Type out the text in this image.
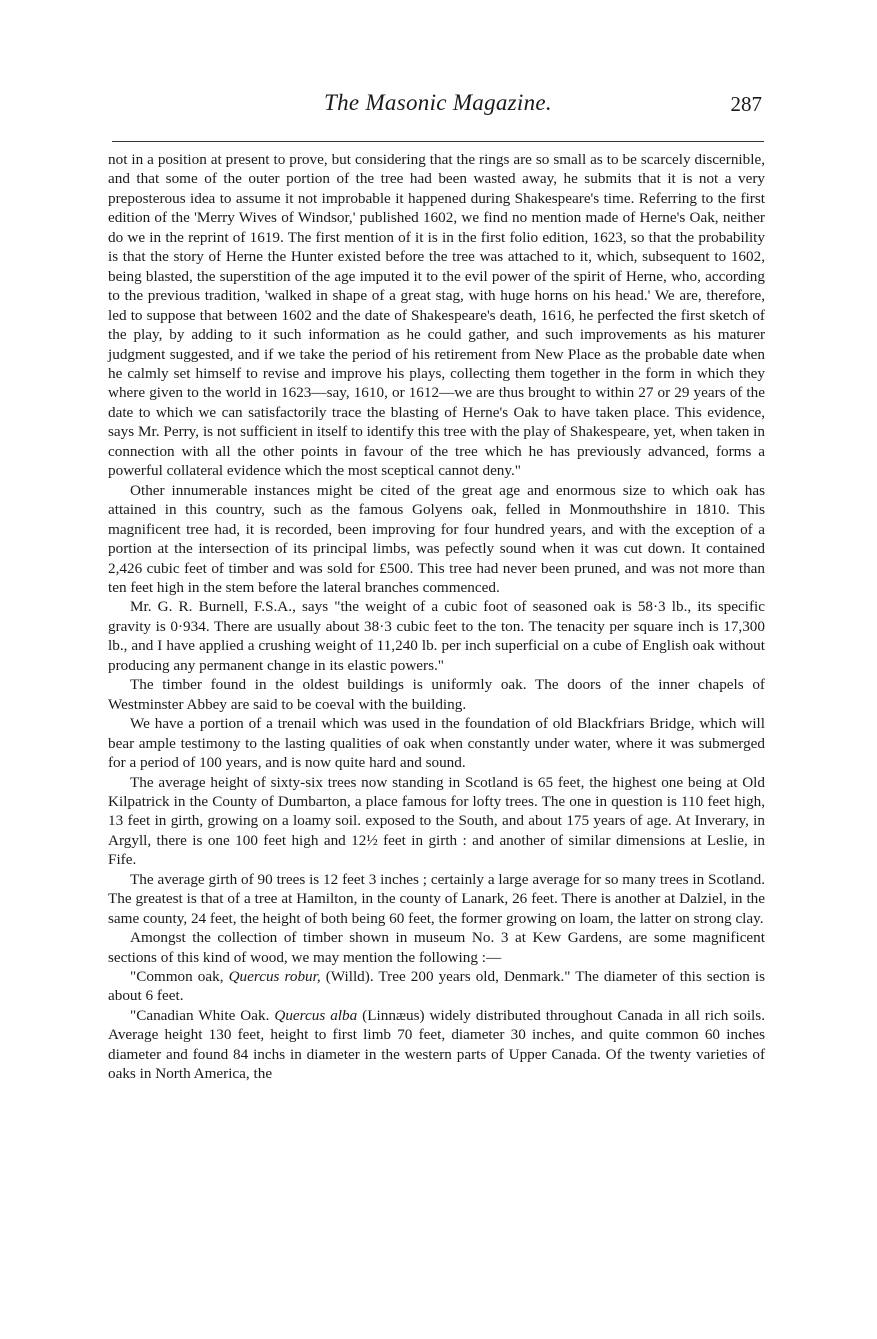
The Masonic Magazine.	287

not in a position at present to prove, but considering that the rings are so small as to be scarcely discernible, and that some of the outer portion of the tree had been wasted away, he submits that it is not a very preposterous idea to assume it not improbable it happened during Shakespeare's time. Referring to the first edition of the 'Merry Wives of Windsor,' published 1602, we find no mention made of Herne's Oak, neither do we in the reprint of 1619. The first mention of it is in the first folio edition, 1623, so that the probability is that the story of Herne the Hunter existed before the tree was attached to it, which, subsequent to 1602, being blasted, the superstition of the age imputed it to the evil power of the spirit of Herne, who, according to the previous tradition, 'walked in shape of a great stag, with huge horns on his head.' We are, therefore, led to suppose that between 1602 and the date of Shakespeare's death, 1616, he perfected the first sketch of the play, by adding to it such information as he could gather, and such improvements as his maturer judgment suggested, and if we take the period of his retirement from New Place as the probable date when he calmly set himself to revise and improve his plays, collecting them together in the form in which they where given to the world in 1623—say, 1610, or 1612—we are thus brought to within 27 or 29 years of the date to which we can satisfactorily trace the blasting of Herne's Oak to have taken place. This evidence, says Mr. Perry, is not sufficient in itself to identify this tree with the play of Shakespeare, yet, when taken in connection with all the other points in favour of the tree which he has previously advanced, forms a powerful collateral evidence which the most sceptical cannot deny."

Other innumerable instances might be cited of the great age and enormous size to which oak has attained in this country, such as the famous Golyens oak, felled in Monmouthshire in 1810. This magnificent tree had, it is recorded, been improving for four hundred years, and with the exception of a portion at the intersection of its principal limbs, was pefectly sound when it was cut down. It contained 2,426 cubic feet of timber and was sold for £500. This tree had never been pruned, and was not more than ten feet high in the stem before the lateral branches commenced.

Mr. G. R. Burnell, F.S.A., says "the weight of a cubic foot of seasoned oak is 58·3 lb., its specific gravity is 0·934. There are usually about 38·3 cubic feet to the ton. The tenacity per square inch is 17,300 lb., and I have applied a crushing weight of 11,240 lb. per inch superficial on a cube of English oak without producing any permanent change in its elastic powers."

The timber found in the oldest buildings is uniformly oak. The doors of the inner chapels of Westminster Abbey are said to be coeval with the building.

We have a portion of a trenail which was used in the foundation of old Blackfriars Bridge, which will bear ample testimony to the lasting qualities of oak when constantly under water, where it was submerged for a period of 100 years, and is now quite hard and sound.

The average height of sixty-six trees now standing in Scotland is 65 feet, the highest one being at Old Kilpatrick in the County of Dumbarton, a place famous for lofty trees. The one in question is 110 feet high, 13 feet in girth, growing on a loamy soil. exposed to the South, and about 175 years of age. At Inverary, in Argyll, there is one 100 feet high and 12½ feet in girth : and another of similar dimensions at Leslie, in Fife.

The average girth of 90 trees is 12 feet 3 inches ; certainly a large average for so many trees in Scotland. The greatest is that of a tree at Hamilton, in the county of Lanark, 26 feet. There is another at Dalziel, in the same county, 24 feet, the height of both being 60 feet, the former growing on loam, the latter on strong clay.

Amongst the collection of timber shown in museum No. 3 at Kew Gardens, are some magnificent sections of this kind of wood, we may mention the following :—

"Common oak, Quercus robur, (Willd). Tree 200 years old, Denmark." The diameter of this section is about 6 feet.

"Canadian White Oak. Quercus alba (Linnæus) widely distributed throughout Canada in all rich soils. Average height 130 feet, height to first limb 70 feet, diameter 30 inches, and quite common 60 inches diameter and found 84 inchs in diameter in the western parts of Upper Canada. Of the twenty varieties of oaks in North America, the
